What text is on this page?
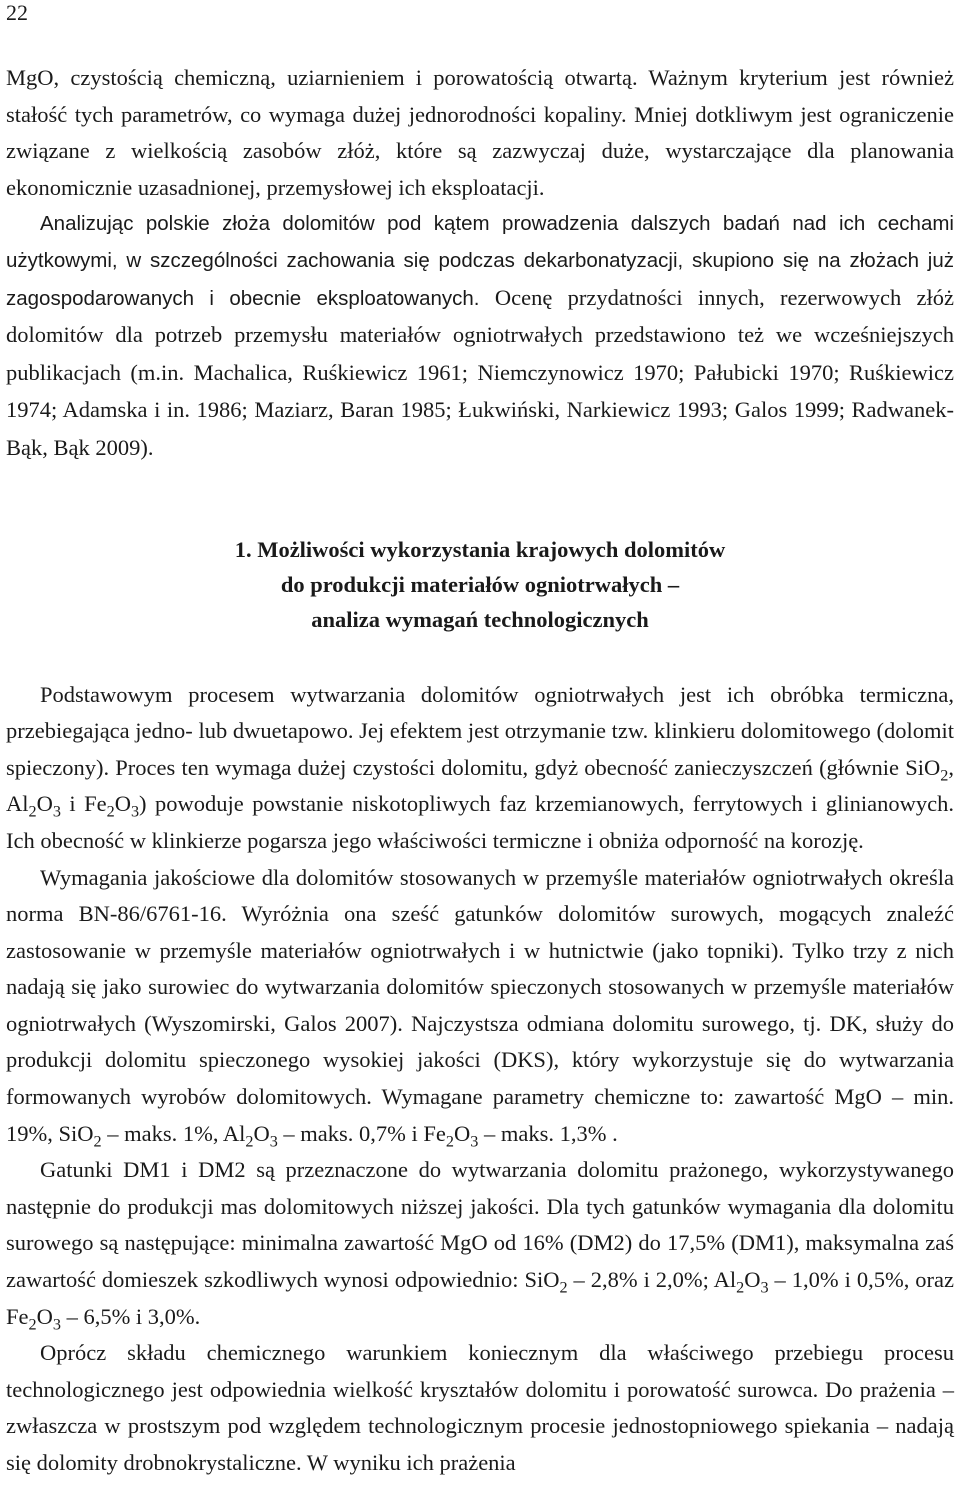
22

MgO, czystością chemiczną, uziarnieniem i porowatością otwartą. Ważnym kryterium jest również stałość tych parametrów, co wymaga dużej jednorodności kopaliny. Mniej dotkliwym jest ograniczenie związane z wielkością zasobów złóż, które są zazwyczaj duże, wystarczające dla planowania ekonomicznie uzasadnionej, przemysłowej ich eksploatacji.

Analizując polskie złoża dolomitów pod kątem prowadzenia dalszych badań nad ich cechami użytkowymi, w szczególności zachowania się podczas dekarbonatyzacji, skupiono się na złożach już zagospodarowanych i obecnie eksploatowanych. Ocenę przydatności innych, rezerwowych złóż dolomitów dla potrzeb przemysłu materiałów ogniotrwałych przedstawiono też we wcześniejszych publikacjach (m.in. Machalica, Ruśkiewicz 1961; Niemczynowicz 1970; Pałubicki 1970; Ruśkiewicz 1974; Adamska i in. 1986; Maziarz, Baran 1985; Łukwiński, Narkiewicz 1993; Galos 1999; Radwanek-Bąk, Bąk 2009).

1. Możliwości wykorzystania krajowych dolomitów
do produkcji materiałów ogniotrwałych –
analiza wymagań technologicznych

Podstawowym procesem wytwarzania dolomitów ogniotrwałych jest ich obróbka termiczna, przebiegająca jedno- lub dwuetapowo. Jej efektem jest otrzymanie tzw. klinkieru dolomitowego (dolomit spieczony). Proces ten wymaga dużej czystości dolomitu, gdyż obecność zanieczyszczeń (głównie SiO$_2$, $Al_2O_3$ i $Fe_2O_3$) powoduje powstanie niskotopliwych faz krzemianowych, ferrytowych i glinianowych. Ich obecność w klinkierze pogarsza jego właściwości termiczne i obniża odporność na korozję.

Wymagania jakościowe dla dolomitów stosowanych w przemyśle materiałów ogniotrwałych określa norma BN-86/6761-16. Wyróżnia ona sześć gatunków dolomitów surowych, mogących znaleźć zastosowanie w przemyśle materiałów ogniotrwałych i w hutnictwie (jako topniki). Tylko trzy z nich nadają się jako surowiec do wytwarzania dolomitów spieczonych stosowanych w przemyśle materiałów ogniotrwałych (Wyszomirski, Galos 2007). Najczystsza odmiana dolomitu surowego, tj. DK, służy do produkcji dolomitu spieczonego wysokiej jakości (DKS), który wykorzystuje się do wytwarzania formowanych wyrobów dolomitowych. Wymagane parametry chemiczne to: zawartość MgO – min. 19%, SiO$_2$ – maks. 1%, $Al_2O_3$ – maks. 0,7% i $Fe_2O_3$ – maks. 1,3% .

Gatunki DM1 i DM2 są przeznaczone do wytwarzania dolomitu prażonego, wykorzystywanego następnie do produkcji mas dolomitowych niższej jakości. Dla tych gatunków wymagania dla dolomitu surowego są następujące: minimalna zawartość MgO od 16% (DM2) do 17,5% (DM1), maksymalna zaś zawartość domieszek szkodliwych wynosi odpowiednio: SiO$_2$ – 2,8% i 2,0%; $Al_2O_3 - 1,0\%$ i 0,5%, oraz $Fe_2O_3 - 6,5\%$ i 3,0%.

Oprócz składu chemicznego warunkiem koniecznym dla właściwego przebiegu procesu technologicznego jest odpowiednia wielkość kryształów dolomitu i porowatość surowca. Do prażenia – zwłaszcza w prostszym pod względem technologicznym procesie jednostopniowego spiekania – nadają się dolomity drobnokrystaliczne. W wyniku ich prażenia
